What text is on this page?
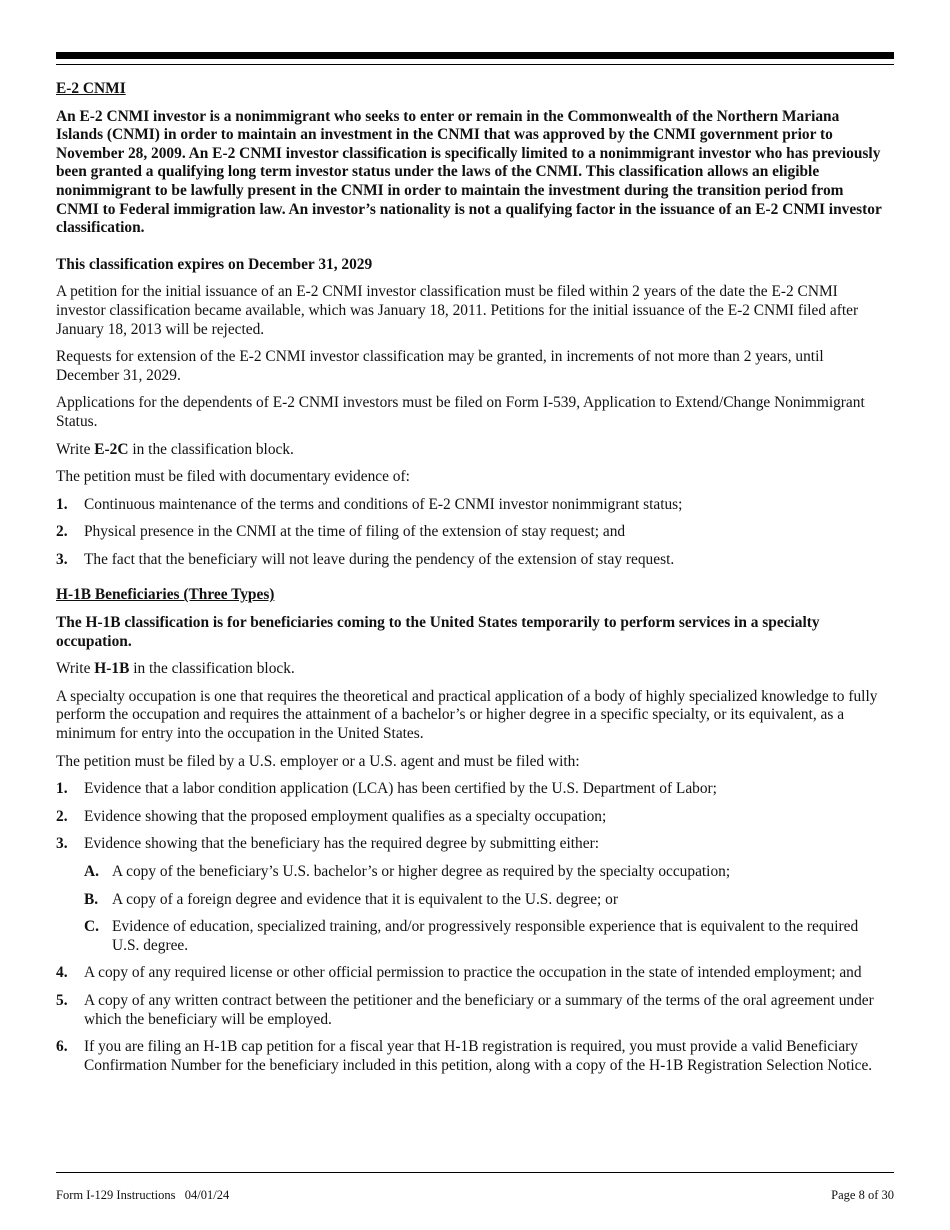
E-2 CNMI

An E-2 CNMI investor is a nonimmigrant who seeks to enter or remain in the Commonwealth of the Northern Mariana Islands (CNMI) in order to maintain an investment in the CNMI that was approved by the CNMI government prior to November 28, 2009. An E-2 CNMI investor classification is specifically limited to a nonimmigrant investor who has previously been granted a qualifying long term investor status under the laws of the CNMI. This classification allows an eligible nonimmigrant to be lawfully present in the CNMI in order to maintain the investment during the transition period from CNMI to Federal immigration law. An investor’s nationality is not a qualifying factor in the issuance of an E-2 CNMI investor classification.

This classification expires on December 31, 2029

A petition for the initial issuance of an E-2 CNMI investor classification must be filed within 2 years of the date the E-2 CNMI investor classification became available, which was January 18, 2011. Petitions for the initial issuance of the E-2 CNMI filed after January 18, 2013 will be rejected.

Requests for extension of the E-2 CNMI investor classification may be granted, in increments of not more than 2 years, until December 31, 2029.

Applications for the dependents of E-2 CNMI investors must be filed on Form I-539, Application to Extend/Change Nonimmigrant Status.

Write E-2C in the classification block.

The petition must be filed with documentary evidence of:

1. Continuous maintenance of the terms and conditions of E-2 CNMI investor nonimmigrant status;
2. Physical presence in the CNMI at the time of filing of the extension of stay request; and
3. The fact that the beneficiary will not leave during the pendency of the extension of stay request.

H-1B Beneficiaries (Three Types)

The H-1B classification is for beneficiaries coming to the United States temporarily to perform services in a specialty occupation.

Write H-1B in the classification block.

A specialty occupation is one that requires the theoretical and practical application of a body of highly specialized knowledge to fully perform the occupation and requires the attainment of a bachelor’s or higher degree in a specific specialty, or its equivalent, as a minimum for entry into the occupation in the United States.

The petition must be filed by a U.S. employer or a U.S. agent and must be filed with:

1. Evidence that a labor condition application (LCA) has been certified by the U.S. Department of Labor;
2. Evidence showing that the proposed employment qualifies as a specialty occupation;
3. Evidence showing that the beneficiary has the required degree by submitting either:
A. A copy of the beneficiary’s U.S. bachelor’s or higher degree as required by the specialty occupation;
B. A copy of a foreign degree and evidence that it is equivalent to the U.S. degree; or
C. Evidence of education, specialized training, and/or progressively responsible experience that is equivalent to the required U.S. degree.
4. A copy of any required license or other official permission to practice the occupation in the state of intended employment; and
5. A copy of any written contract between the petitioner and the beneficiary or a summary of the terms of the oral agreement under which the beneficiary will be employed.
6. If you are filing an H-1B cap petition for a fiscal year that H-1B registration is required, you must provide a valid Beneficiary Confirmation Number for the beneficiary included in this petition, along with a copy of the H-1B Registration Selection Notice.
Form I-129 Instructions   04/01/24	Page 8 of 30
